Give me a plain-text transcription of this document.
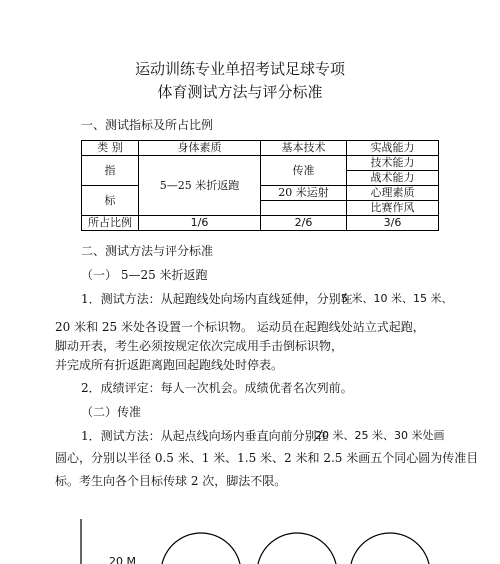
运动训练专业单招考试足球专项
体育测试方法与评分标准
一、测试指标及所占比例
类 别	身体素质	基本技术	实战能力
指	5—25 米折返跑	传准	技术能力
			战术能力
标		20 米运射	心理素质
			比赛作风
所占比例	1/6	2/6	3/6
二、测试方法与评分标准
（一） 5—25 米折返跑
1．测试方法：从起跑线处向场内直线延伸，分别在
5 米、10 米、15 米、
20 米和 25 米处各设置一个标识物。 运动员在起跑线处站立式起跑，
脚动开表，考生必须按规定依次完成用手击倒标识物，
并完成所有折返距离跑回起跑线处时停表。
2．成绩评定：每人一次机会。成绩优者名次列前。
（二）传准
1．测试方法：从起点线向场内垂直向前分别在
20 米、25 米、30 米处画
圆心，分别以半径 0.5 米、1 米、1.5 米、2 米和 2.5 米画五个同心圆为传准目
标。考生向各个目标传球 2 次，脚法不限。
20 M
